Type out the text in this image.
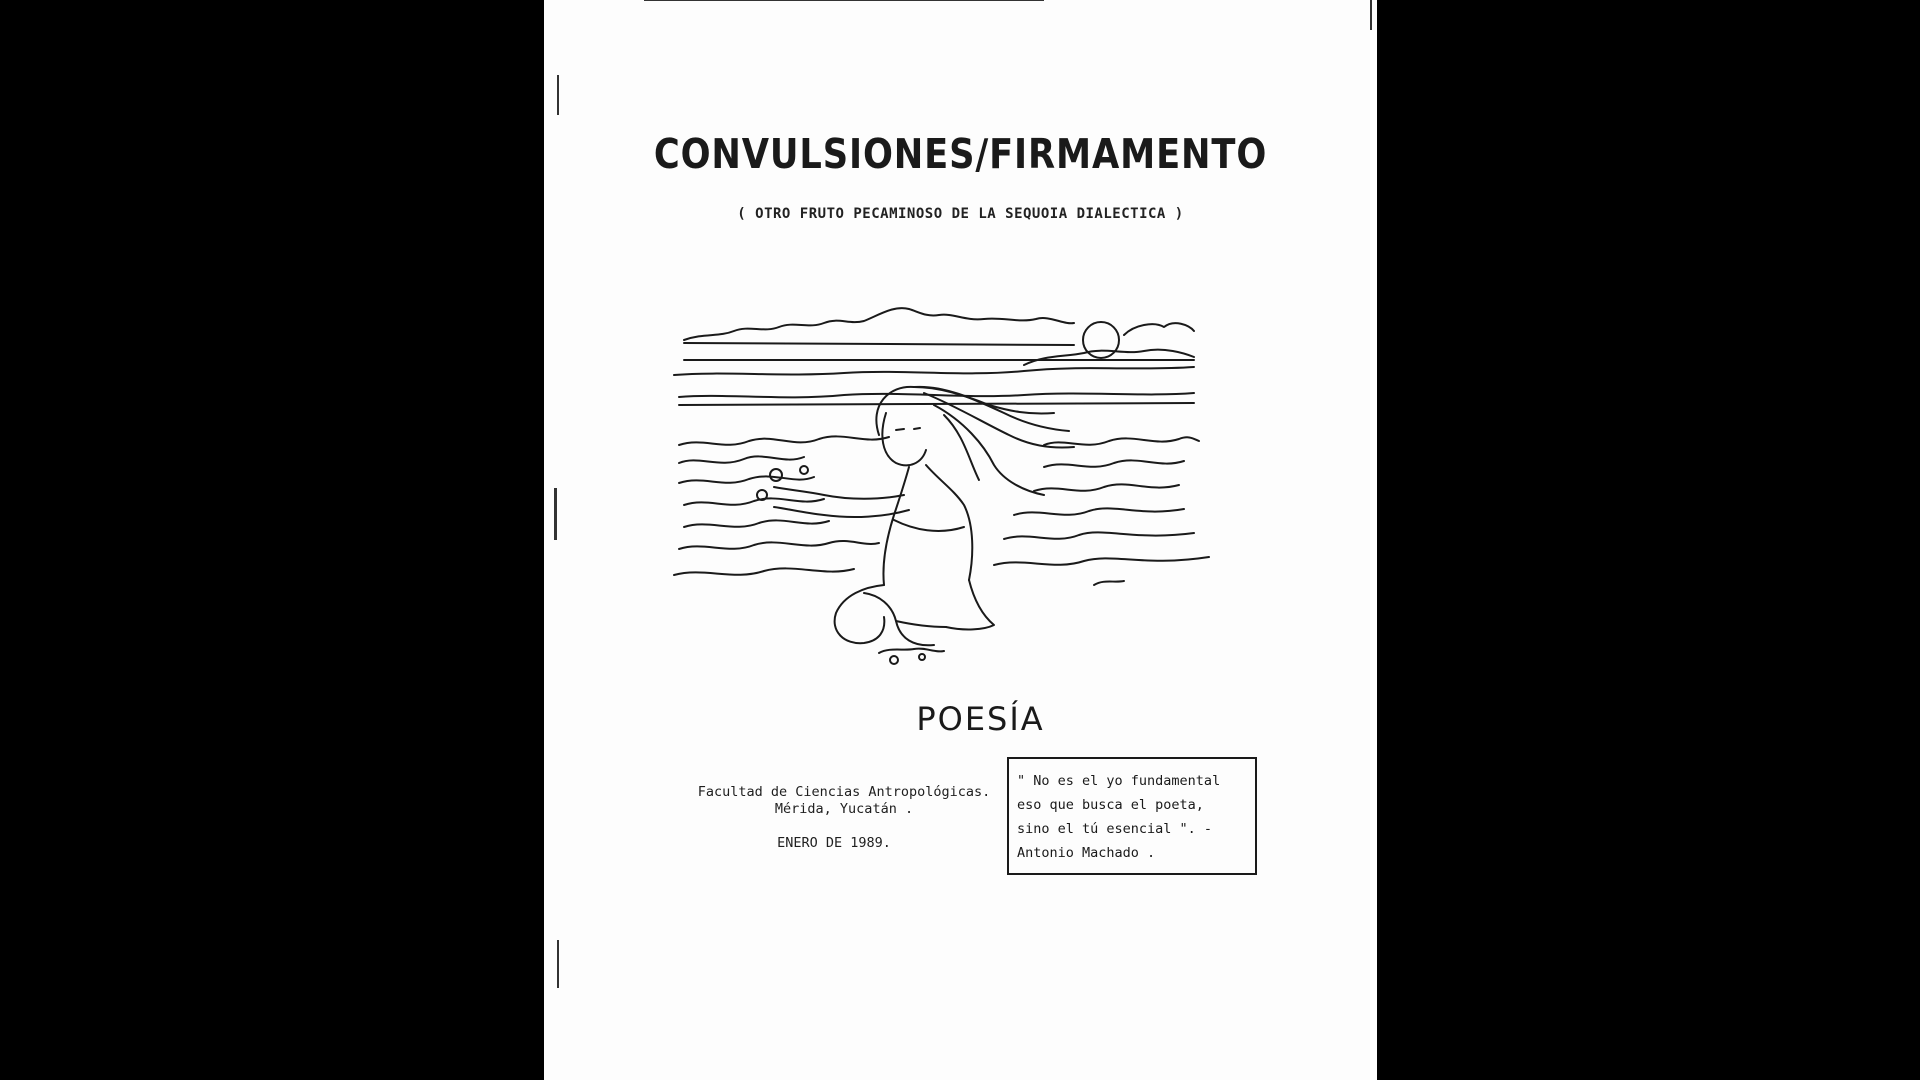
CONVULSIONES/FIRMAMENTO
( OTRO FRUTO PECAMINOSO DE LA SEQUOIA DIALECTICA )
POESÍA
Facultad de Ciencias Antropológicas.
Mérida, Yucatán .
ENERO DE 1989.
" No es el yo fundamental
eso que busca el poeta,
sino el tú esencial ". -
Antonio Machado .
